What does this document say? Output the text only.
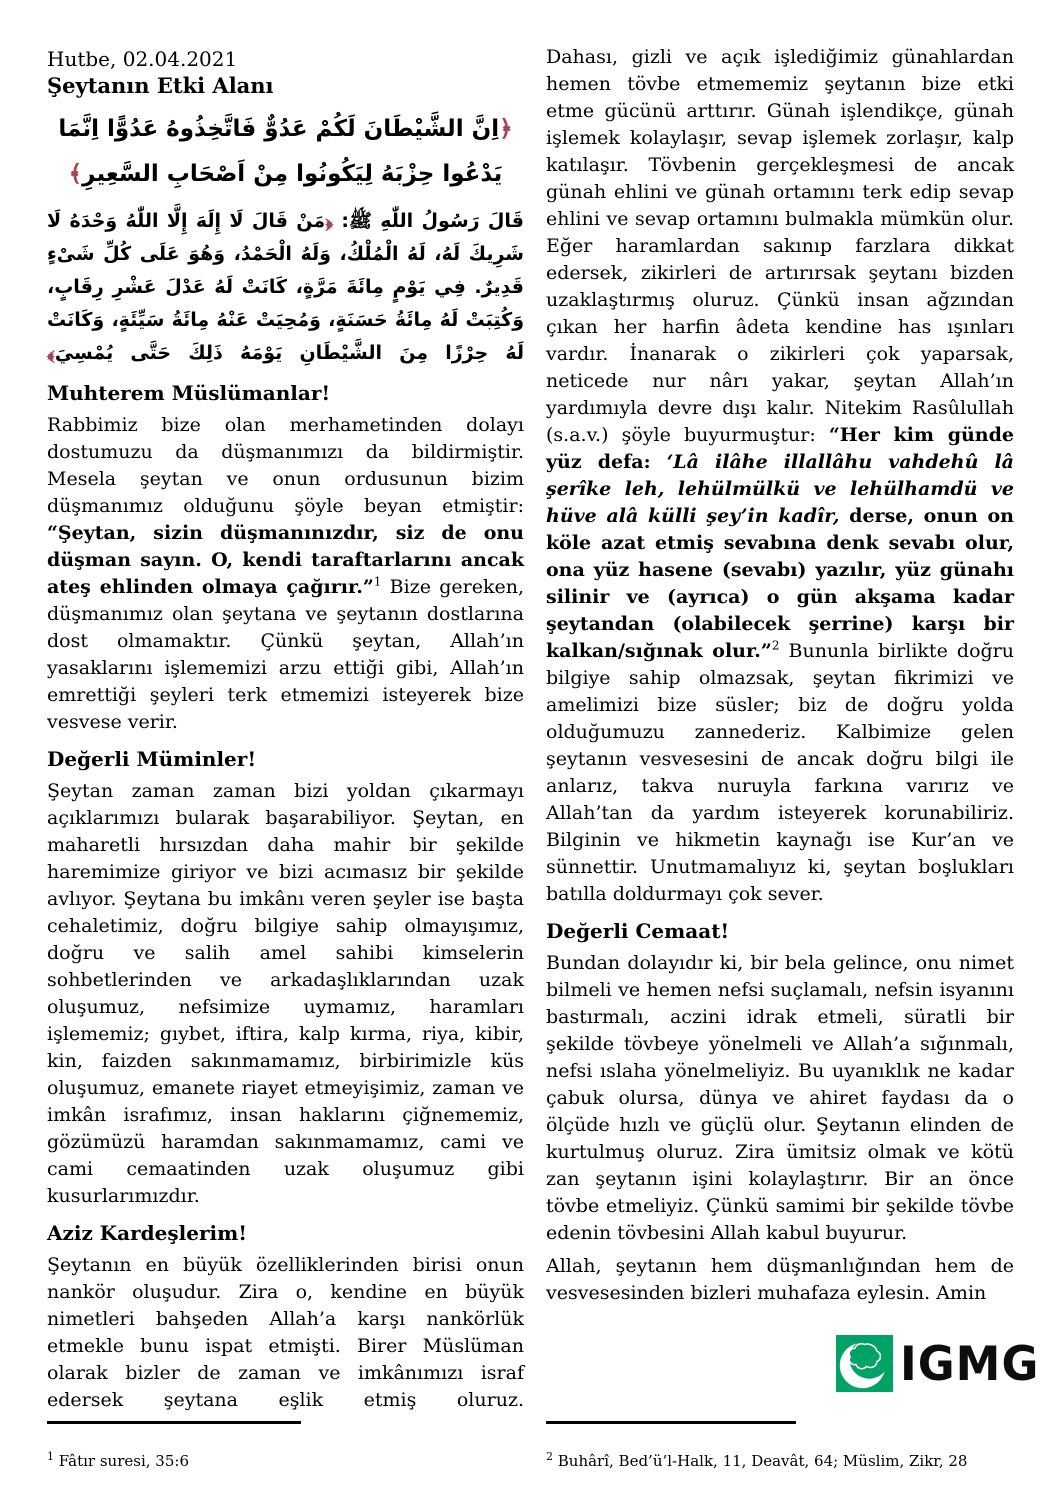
Hutbe, 02.04.2021

Şeytanın Etki Alanı

﴿اِنَّ الشَّيْطَانَ لَكُمْ عَدُوٌّ فَاتَّخِذُوهُ عَدُوًّا اِنَّمَا يَدْعُوا حِزْبَهُ لِيَكُونُوا مِنْ اَصْحَابِ السَّعِيرِ﴾
قَالَ رَسُولُ اللّٰهِ ﷺ: ﴿مَنْ قَالَ لَا إِلَهَ إِلَّا اللّٰهُ وَحْدَهُ لَا شَرِيكَ لَهُ، لَهُ الْمُلْكُ، وَلَهُ الْحَمْدُ، وَهُوَ عَلَى كُلِّ شَىْءٍ قَدِيرٌ. فِي يَوْمٍ مِائَةَ مَرَّةٍ، كَانَتْ لَهُ عَدْلَ عَشْرِ رِقَابٍ، وَكُتِبَتْ لَهُ مِائَةُ حَسَنَةٍ، وَمُحِيَتْ عَنْهُ مِائَةُ سَيِّئَةٍ، وَكَانَتْ لَهُ حِرْزًا مِنَ الشَّيْطَانِ يَوْمَهُ ذَلِكَ حَتَّى يُمْسِيَ﴾
Muhterem Müslümanlar!

Rabbimiz bize olan merhametinden dolayı dostumuzu da düşmanımızı da bildirmiştir. Mesela şeytan ve onun ordusunun bizim düşmanımız olduğunu şöyle beyan etmiştir: “Şeytan, sizin düşmanınızdır, siz de onu düşman sayın. O, kendi taraftarlarını ancak ateş ehlinden olmaya çağırır.”$^1$ Bize gereken, düşmanımız olan şeytana ve şeytanın dostlarına dost olmamaktır. Çünkü şeytan, Allah’ın yasaklarını işlememizi arzu ettiği gibi, Allah’ın emrettiği şeyleri terk etmemizi isteyerek bize vesvese verir.

Değerli Müminler!

Şeytan zaman zaman bizi yoldan çıkarmayı açıklarımızı bularak başarabiliyor. Şeytan, en maharetli hırsızdan daha mahir bir şekilde haremimize giriyor ve bizi acımasız bir şekilde avlıyor. Şeytana bu imkânı veren şeyler ise başta cehaletimiz, doğru bilgiye sahip olmayışımız, doğru ve salih amel sahibi kimselerin sohbetlerinden ve arkadaşlıklarından uzak oluşumuz, nefsimize uymamız, haramları işlememiz; gıybet, iftira, kalp kırma, riya, kibir, kin, faizden sakınmamamız, birbirimizle küs oluşumuz, emanete riayet etmeyişimiz, zaman ve imkân israfımız, insan haklarını çiğnememiz, gözümüzü haramdan sakınmamamız, cami ve cami cemaatinden uzak oluşumuz gibi kusurlarımızdır.

Aziz Kardeşlerim!

Şeytanın en büyük özelliklerinden birisi onun nankör oluşudur. Zira o, kendine en büyük nimetleri bahşeden Allah’a karşı nankörlük etmekle bunu ispat etmişti. Birer Müslüman olarak bizler de zaman ve imkânımızı israf edersek şeytana eşlik etmiş oluruz.

Dahası, gizli ve açık işlediğimiz günahlardan hemen tövbe etmememiz şeytanın bize etki etme gücünü arttırır. Günah işlendikçe, günah işlemek kolaylaşır, sevap işlemek zorlaşır, kalp katılaşır. Tövbenin gerçekleşmesi de ancak günah ehlini ve günah ortamını terk edip sevap ehlini ve sevap ortamını bulmakla mümkün olur. Eğer haramlardan sakınıp farzlara dikkat edersek, zikirleri de artırırsak şeytanı bizden uzaklaştırmış oluruz. Çünkü insan ağzından çıkan her harfin âdeta kendine has ışınları vardır. İnanarak o zikirleri çok yaparsak, neticede nur nârı yakar, şeytan Allah’ın yardımıyla devre dışı kalır. Nitekim Rasûlullah (s.a.v.) şöyle buyurmuştur: “Her kim günde yüz defa: ‘Lâ ilâhe illallâhu vahdehû lâ şerîke leh, lehülmülkü ve lehülhamdü ve hüve alâ külli şey’in kadîr, derse, onun on köle azat etmiş sevabına denk sevabı olur, ona yüz hasene (sevabı) yazılır, yüz günahı silinir ve (ayrıca) o gün akşama kadar şeytandan (olabilecek şerrine) karşı bir kalkan/sığınak olur.”$^2$ Bununla birlikte doğru bilgiye sahip olmazsak, şeytan fikrimizi ve amelimizi bize süsler; biz de doğru yolda olduğumuzu zannederiz. Kalbimize gelen şeytanın vesvesesini de ancak doğru bilgi ile anlarız, takva nuruyla farkına varırız ve Allah’tan da yardım isteyerek korunabiliriz. Bilginin ve hikmetin kaynağı ise Kur’an ve sünnettir. Unutmamalıyız ki, şeytan boşlukları batılla doldurmayı çok sever.

Değerli Cemaat!

Bundan dolayıdır ki, bir bela gelince, onu nimet bilmeli ve hemen nefsi suçlamalı, nefsin isyanını bastırmalı, aczini idrak etmeli, süratli bir şekilde tövbeye yönelmeli ve Allah’a sığınmalı, nefsi ıslaha yönelmeliyiz. Bu uyanıklık ne kadar çabuk olursa, dünya ve ahiret faydası da o ölçüde hızlı ve güçlü olur. Şeytanın elinden de kurtulmuş oluruz. Zira ümitsiz olmak ve kötü zan şeytanın işini kolaylaştırır. Bir an önce tövbe etmeliyiz. Çünkü samimi bir şekilde tövbe edenin tövbesini Allah kabul buyurur.

Allah, şeytanın hem düşmanlığından hem de vesvesesinden bizleri muhafaza eylesin. Amin

IGMG

$^1$ Fâtır suresi, 35:6	$^2$ Buhârî, Bed’ü’l-Halk, 11, Deavât, 64; Müslim, Zikr, 28
